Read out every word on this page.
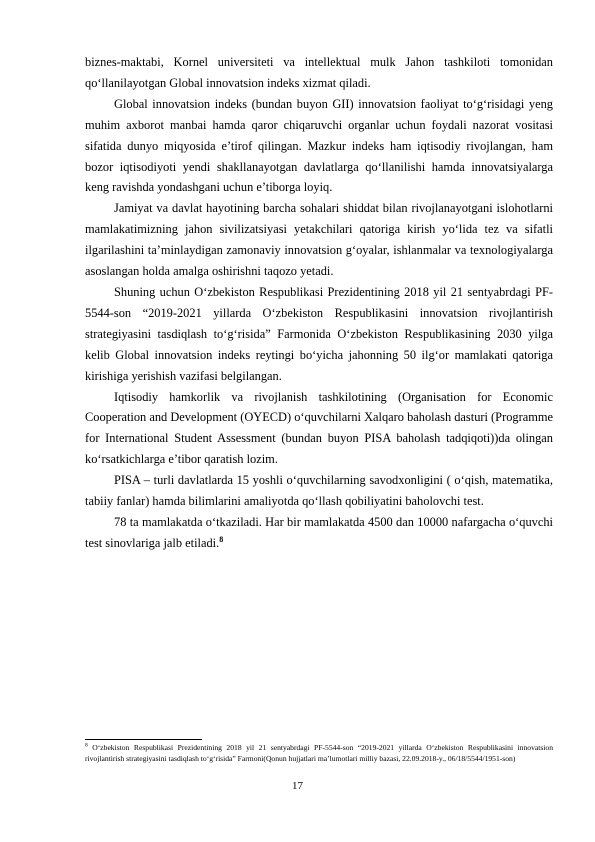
biznes-maktabi, Kornel universiteti va intellektual mulk Jahon tashkiloti tomonidan qo‘llanilayotgan Global innovatsion indeks xizmat qiladi.

Global innovatsion indeks (bundan buyon GII) innovatsion faoliyat to‘g‘risidagi yeng muhim axborot manbai hamda qaror chiqaruvchi organlar uchun foydali nazorat vositasi sifatida dunyo miqyosida e’tirof qilingan. Mazkur indeks ham iqtisodiy rivojlangan, ham bozor iqtisodiyoti yendi shakllanayotgan davlatlarga qo‘llanilishi hamda innovatsiyalarga keng ravishda yondashgani uchun e’tiborga loyiq.

Jamiyat va davlat hayotining barcha sohalari shiddat bilan rivojlanayotgani islohotlarni mamlakatimizning jahon sivilizatsiyasi yetakchilari qatoriga kirish yo‘lida tez va sifatli ilgarilashini ta’minlaydigan zamonaviy innovatsion g‘oyalar, ishlanmalar va texnologiyalarga asoslangan holda amalga oshirishni taqozo yetadi.

Shuning uchun O‘zbekiston Respublikasi Prezidentining 2018 yil 21 sentyabrdagi PF-5544-son “2019-2021 yillarda O‘zbekiston Respublikasini innovatsion rivojlantirish strategiyasini tasdiqlash to‘g‘risida” Farmonida O‘zbekiston Respublikasining 2030 yilga kelib Global innovatsion indeks reytingi bo‘yicha jahonning 50 ilg‘or mamlakati qatoriga kirishiga yerishish vazifasi belgilangan.

Iqtisodiy hamkorlik va rivojlanish tashkilotining (Organisation for Economic Cooperation and Development (OYECD) o‘quvchilarni Xalqaro baholash dasturi (Programme for International Student Assessment (bundan buyon PISA baholash tadqiqoti))da olingan ko‘rsatkichlarga e’tibor qaratish lozim.

PISA – turli davlatlarda 15 yoshli o‘quvchilarning savodxonligini ( o‘qish, matematika, tabiiy fanlar) hamda bilimlarini amaliyotda qo‘llash qobiliyatini baholovchi test.

78 ta mamlakatda o‘tkaziladi. Har bir mamlakatda 4500 dan 10000 nafargacha o‘quvchi test sinovlariga jalb etiladi.$^8$

$^8$ O‘zbekiston Respublikasi Prezidentining 2018 yil 21 sentyabrdagi PF-5544-son “2019-2021 yillarda O‘zbekiston Respublikasini innovatsion rivojlantirish strategiyasini tasdiqlash to‘g‘risida” Farmoni(Qonun hujjatlari ma’lumotlari milliy bazasi, 22.09.2018-y., 06/18/5544/1951-son)
17
